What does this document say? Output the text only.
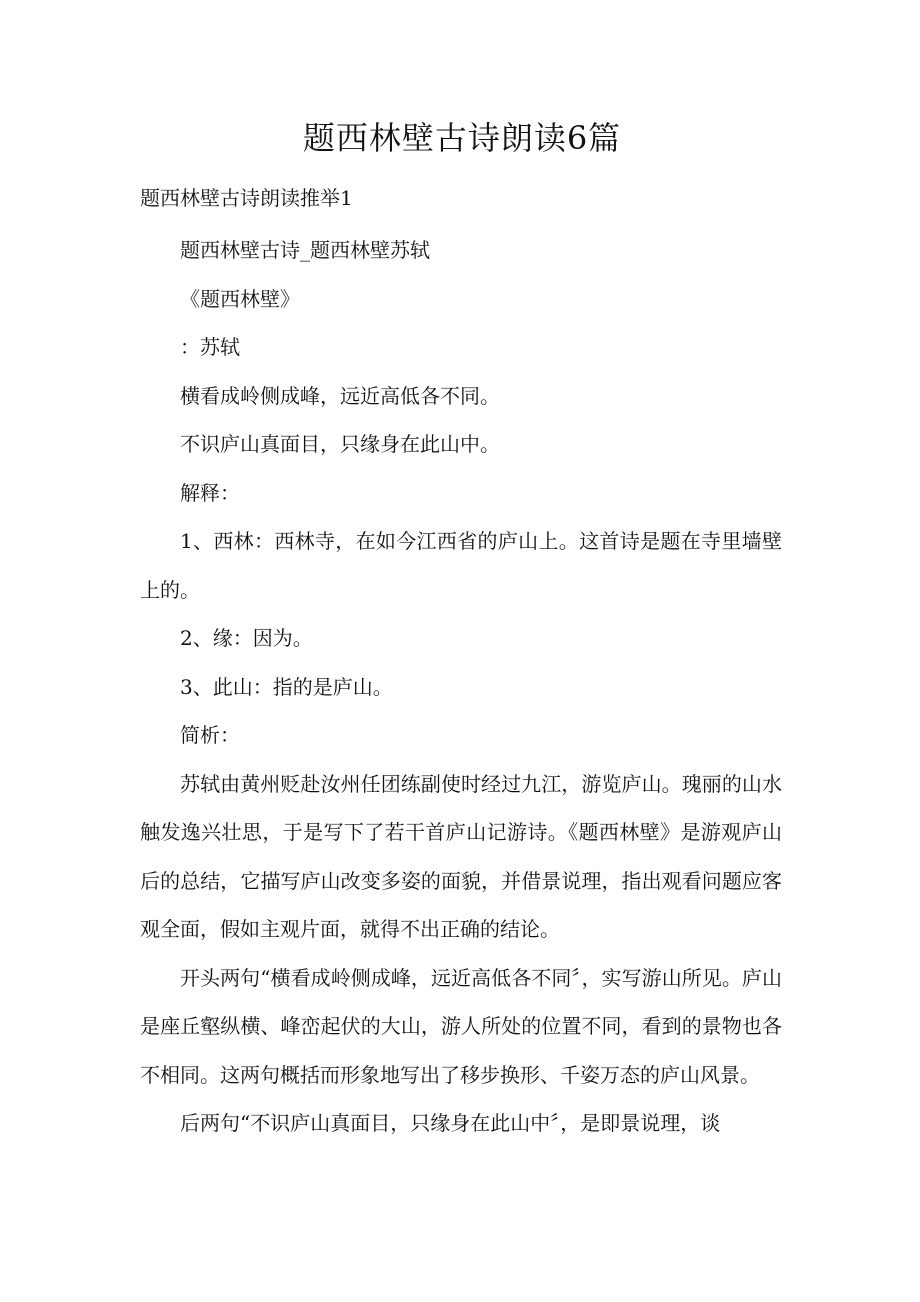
题西林壁古诗朗读6篇
题西林壁古诗朗读推举1

题西林壁古诗_题西林壁苏轼

《题西林壁》

：苏轼

横看成岭侧成峰，远近高低各不同。

不识庐山真面目，只缘身在此山中。

解释：

1、西林：西林寺，在如今江西省的庐山上。这首诗是题在寺里墙壁上的。

2、缘：因为。

3、此山：指的是庐山。

简析：

苏轼由黄州贬赴汝州任团练副使时经过九江，游览庐山。瑰丽的山水触发逸兴壮思，于是写下了若干首庐山记游诗。《题西林壁》是游观庐山后的总结，它描写庐山改变多姿的面貌，并借景说理，指出观看问题应客观全面，假如主观片面，就得不出正确的结论。

开头两句“横看成岭侧成峰，远近高低各不同〞，实写游山所见。庐山是座丘壑纵横、峰峦起伏的大山，游人所处的位置不同，看到的景物也各不相同。这两句概括而形象地写出了移步换形、千姿万态的庐山风景。

后两句“不识庐山真面目，只缘身在此山中〞，是即景说理，谈
